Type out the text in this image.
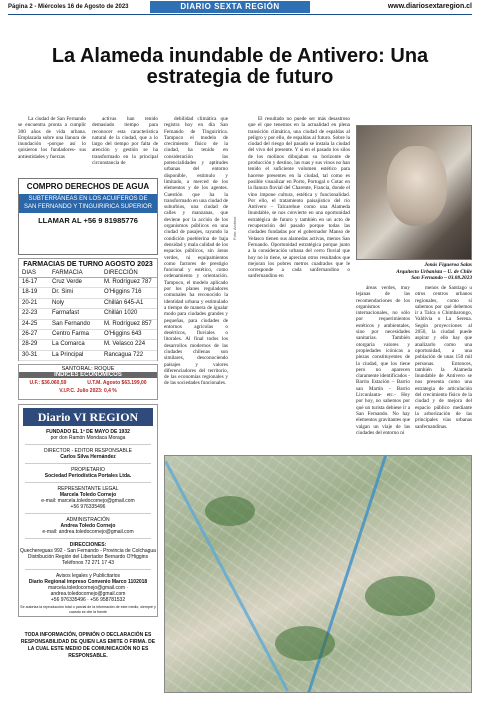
Página 2 - Miércoles 16 de Agosto de 2023	DIARIO SEXTA REGIÓN	www.diariosextaregion.cl
La Alameda inundable de Antivero: Una estrategia de futuro

La ciudad de San Fernando se encuentra pronta a cumplir 300 años de vida urbana. Emplazada sobre una llanura de inundación -porque así lo quisieron los fundadores- sus antiestidades y fuerzas

activas han tenido demasiado tiempo para reconocer esta característica natural de la ciudad, que a lo largo del tiempo por falta de atención y gestión se ha transformado en la principal circunstancia de

debilidad climática que registra hoy en día San Fernando de Tinguiririca. Tampoco el modelo de crecimiento físico de la ciudad, ha tenido en consideración las potencialidades y aptitudes urbanas del entorno disponible, estimulo y limitado, a merced de los elementos y de los agentes. Cuestión que ha la transformado en una ciudad de suburbios, una ciudad de calles y manzanas, que deviene por la acción de los organismos públicos en una ciudad de pasajes, rayando la condición pueblerina de baja densidad y mala calidad de los espacios públicos, sin áreas verdes, ni equipamientos como factores de prestigio funcional y estético, como ordenamiento y orientación. Tampoco, el modelo aplicado por los planes reguladores comunales ha reconocido la identidad urbana y estimulado a tiempo de manera de igualar modo para ciudades grandes y pequeñas, para ciudades de entornos agrícolas o desérticos, fluviales o litorales. Al final todos los desarrollos modernos de las ciudades chilenas son similares, desconociendo paisajes y valores diferenciadores del territorio, de las economías regionales y de las sociedades funcionales.

El resultado no puede ser más desastroso que el que tenemos en la actualidad en plena transición climática, una ciudad de espaldas al peligro y por ello, de espaldas al futuro. Sobre la ciudad del riesgo del pasado se instala la ciudad del vivo del presente. Y si en el pasado los silos de los molinos dibujaban su horizonte de producción y destino, las ruas y sus vinos no han tenido el suficiente volumen estético para hacerse presentes en la ciudad, tal como es posible visualizar en Porto, Portugal o Cotac en la llanura fluvial del Charente, Francia, donde el vino impone cultura, estética y funcionalidad. Por ello, el tratamiento paisajístico del río Antivero – Talcarehue como una Alameda Inundable, se nos convierte en una oportunidad estratégica de futuro y también en un acto de recuperación del pasado porque todas las ciudades fundadas por el gobernador Manso de Velasco tienen sus alamedas activas, menos San Fernando. Oportunidad estratégica porque junto a la consideración urbana del cerro fluvial que hoy no lo tiene, se aprecian otros resultados que mejoran los pobres metros cuadrados que le corresponde a cada sanfernandino o sanfernandino en

áreas verdes, muy lejanas de las recomendaciones de los organismos internacionales, no sólo por requerimientos estéticos y ambientales, sino por necesidades sanitarias. También otorgaría valores y propiedades icónicas a piezas constituyentes de la ciudad, que los tiene pero no aparecen claramente identificados -Barrio Estación – Barrio san Martín - Barrio Lircunlauta- etc.- Hoy por hoy, no sabemos por qué un turista debiese ir a San Fernando. No hay elementos gravitantes que valgan un viaje de las ciudades del entorno ni

menos de Santiago u otros centros urbanos regionales, como sí sabemos por qué debemos ir a Talca o Chimbarongo, Valdivia o La Serena. Según proyecciones al 2050, la ciudad puede aspirar y ello hay que analizarlo como una oportunidad, a una población de unas 150 mil personas. Entonces, también la Alameda Inundable de Antivero se nos presenta como una estrategia de articulación del crecimiento físico de la ciudad y de mejora del espacio público mediante la arborización de las principales vías urbanas sanfernandinas.

Foto: Archivo
Jonás Figueroa Salas
Arquitecto Urbanista – U. de Chile
San Fernando – 03.08.2023
COMPRO DERECHOS DE AGUA
SUBTERRÁNEAS EN LOS ACUIFEROS DE SAN FERNANDO Y TINGUIRIRICA SUPERIOR
LLAMAR AL +56 9 81985776
FARMACIAS DE TURNO AGOSTO 2023
DIAS	FARMACIA	DIRECCIÓN
16-17	Cruz Verde	M. Rodríguez 787
18-19	Dr. Simi	O'Higgins 716
20-21	Noly	Chillán 645-A1
22-23	Farmafast	Chillán 1020
24-25	San Fernando	M. Rodríguez 857
26-27	Centro Farma	O'Higgins 643
28-29	La Comarca	M. Velasco 224
30-31	La Principal	Rancagua 722
SANTORAL: ROQUE
ÍNDICES ECONÓMICOS
U.F.: $36.060,59	U.T.M. Agosto $63.199,00
V.I.P.C. Julio 2023: 0,4 %
Diario VI REGION
FUNDADO EL 1º DE MAYO DE 1932
por don Ramón Mondaca Moraga
DIRECTOR - EDITOR RESPONSABLE
Carlos Silva Hernández
PROPIETARIO
Sociedad Periodística Portales Ltda.
REPRESENTANTE LEGAL
Marcela Toledo Cornejo
e-mail: marcela.toledocornejo@gmail.com
+56 976335496
ADMINISTRACIÓN
Andrea Toledo Cornejo
e-mail: andrea.toledocornejo@gmail.com
DIRECCIONES:
Quechereguas 992 - San Fernando - Provincia de Colchagua
Distribución Región del Libertador Bernardo O'Higgins
Teléfonos 72 271 17 43
Avisos legales y Publicitarios
Diario Regional impreso Convenio Marco 1102018
marcela.toledocornejo@gmail.com · andrea.toledocornejo@gmail.com
+56 976335496 · +56 958781532
Se autoriza la reproducción total o parcial de la información de este medio, siempre y cuando se cite la fuente
TODA INFORMACIÓN, OPINIÓN O DECLARACIÓN ES RESPONSABILIDAD DE QUIEN LAS EMITE O FIRMA. DE LA CUAL ESTE MEDIO DE COMUNICACIÓN NO ES RESPONSABLE.
